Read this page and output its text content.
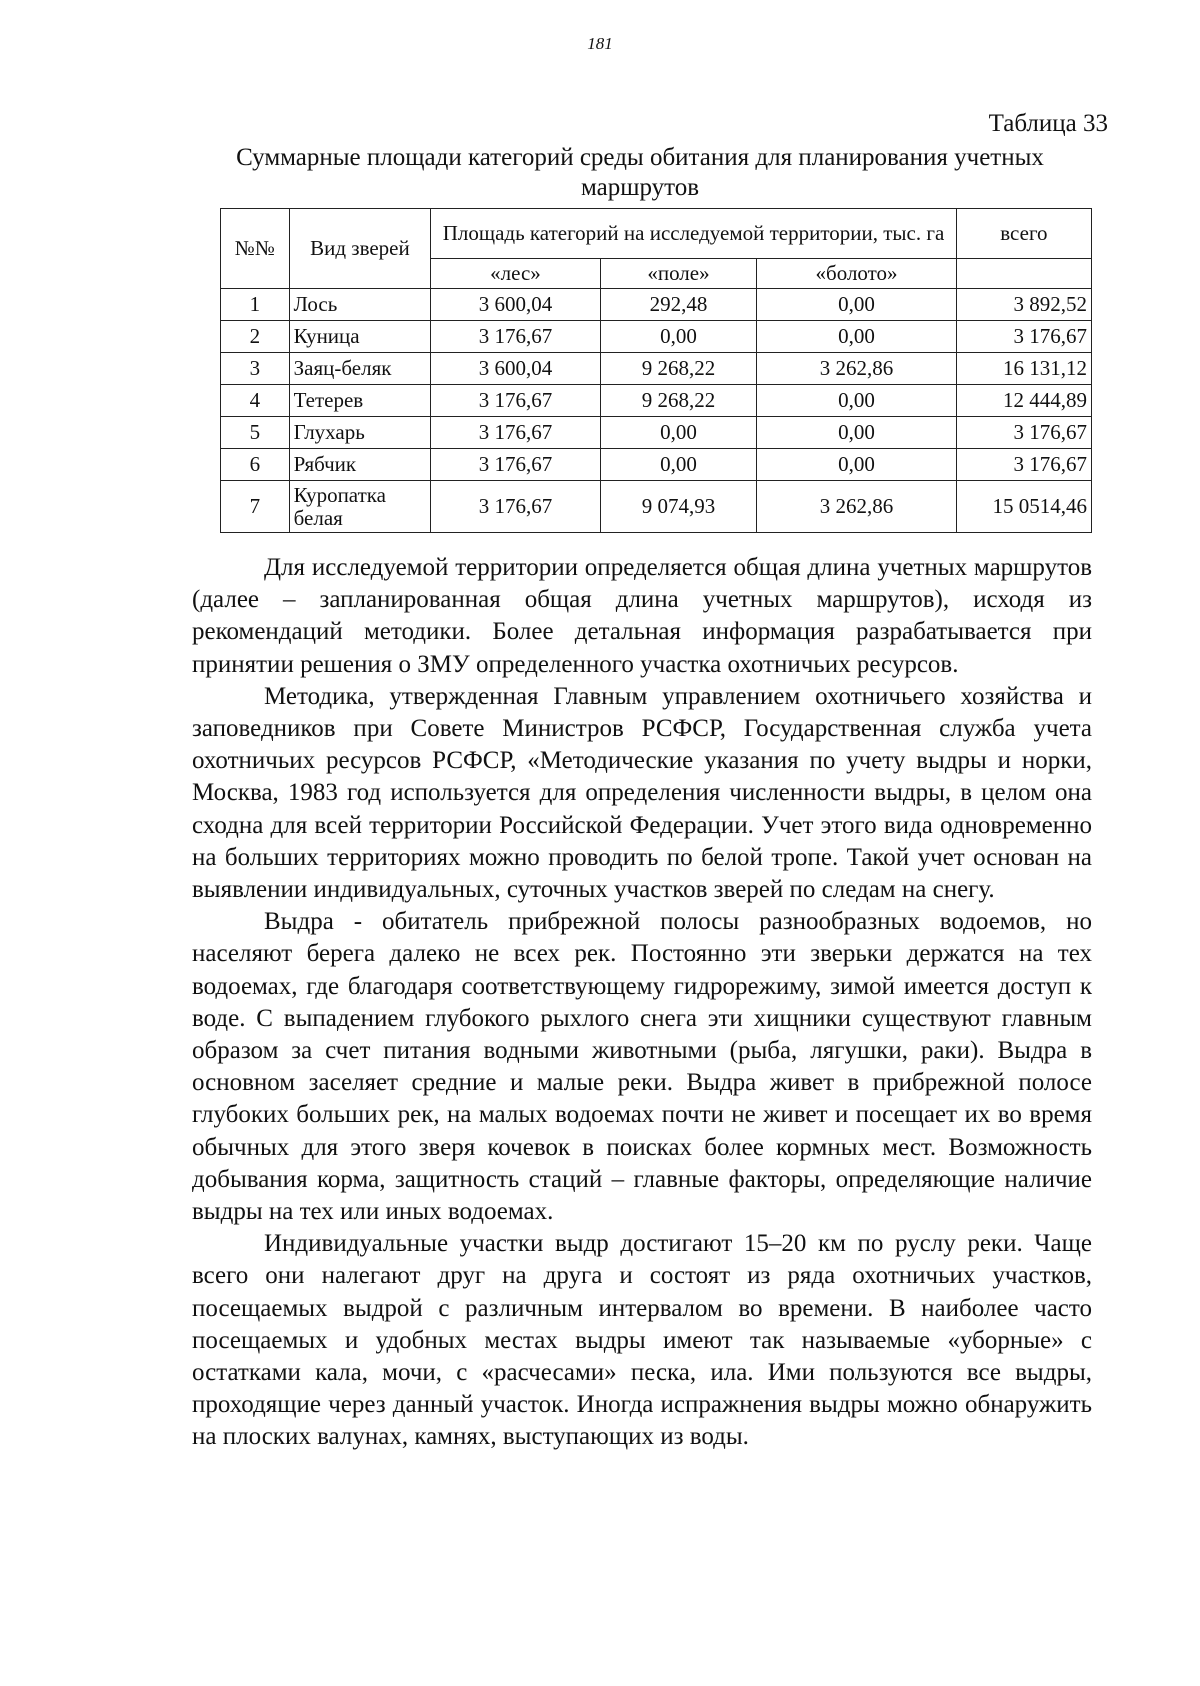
181
Таблица 33
Суммарные площади категорий среды обитания для планирования учетных маршрутов
№№	Вид зверей	Площадь категорий на исследуемой территории, тыс. га			всего
		«лес»	«поле»	«болото»	
1	Лось	3 600,04	292,48	0,00	3 892,52
2	Куница	3 176,67	0,00	0,00	3 176,67
3	Заяц-беляк	3 600,04	9 268,22	3 262,86	16 131,12
4	Тетерев	3 176,67	9 268,22	0,00	12 444,89
5	Глухарь	3 176,67	0,00	0,00	3 176,67
6	Рябчик	3 176,67	0,00	0,00	3 176,67
7	Куропатка белая	3 176,67	9 074,93	3 262,86	15 0514,46

Для исследуемой территории определяется общая длина учетных маршрутов (далее – запланированная общая длина учетных маршрутов), исходя из рекомендаций методики. Более детальная информация разрабатывается при принятии решения о ЗМУ определенного участка охотничьих ресурсов.

Методика, утвержденная Главным управлением охотничьего хозяйства и заповедников при Совете Министров РСФСР, Государственная служба учета охотничьих ресурсов РСФСР, «Методические указания по учету выдры и норки, Москва, 1983 год используется для определения численности выдры, в целом она сходна для всей территории Российской Федерации. Учет этого вида одновременно на больших территориях можно проводить по белой тропе. Такой учет основан на выявлении индивидуальных, суточных участков зверей по следам на снегу.

Выдра - обитатель прибрежной полосы разнообразных водоемов, но населяют берега далеко не всех рек. Постоянно эти зверьки держатся на тех водоемах, где благодаря соответствующему гидрорежиму, зимой имеется доступ к воде. С выпадением глубокого рыхлого снега эти хищники существуют главным образом за счет питания водными животными (рыба, лягушки, раки). Выдра в основном заселяет средние и малые реки. Выдра живет в прибрежной полосе глубоких больших рек, на малых водоемах почти не живет и посещает их во время обычных для этого зверя кочевок в поисках более кормных мест. Возможность добывания корма, защитность стаций – главные факторы, определяющие наличие выдры на тех или иных водоемах.

Индивидуальные участки выдр достигают 15–20 км по руслу реки. Чаще всего они налегают друг на друга и состоят из ряда охотничьих участков, посещаемых выдрой с различным интервалом во времени. В наиболее часто посещаемых и удобных местах выдры имеют так называемые «уборные» с остатками кала, мочи, с «расчесами» песка, ила. Ими пользуются все выдры, проходящие через данный участок. Иногда испражнения выдры можно обнаружить на плоских валунах, камнях, выступающих из воды.
